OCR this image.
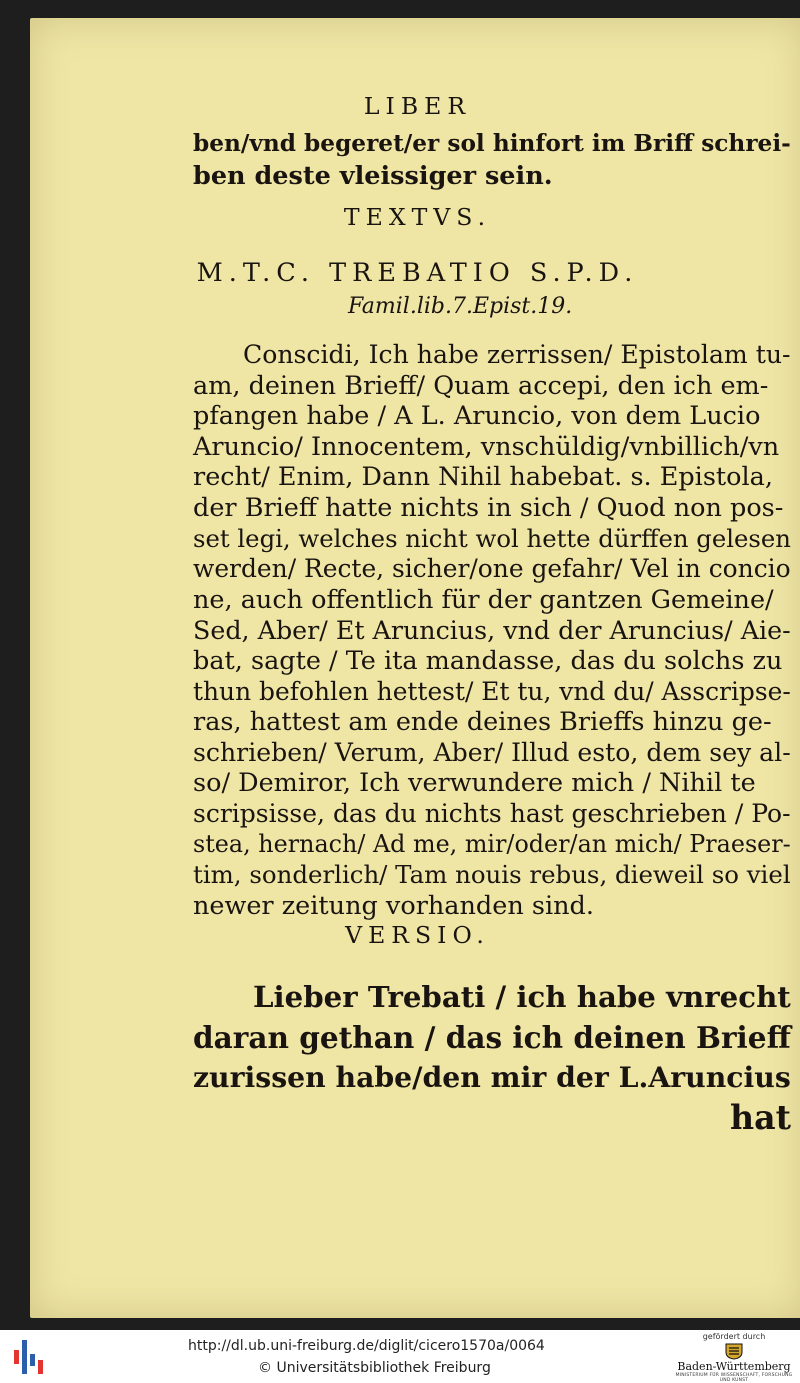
LIBER
ben/vnd begeret/er sol hinfort im Briff schrei-
ben deste vleissiger sein.
TEXTVS.
M.T.C. TREBATIO S.P.D.
Famil.lib.7.Epist.19.
Conscidi, Ich habe zerrissen/ Epistolam tu-
am, deinen Brieff/ Quam accepi, den ich em-
pfangen habe / A L. Aruncio, von dem Lucio
Aruncio/ Innocentem, vnschüldig/vnbillich/vn
recht/ Enim, Dann Nihil habebat. s. Epistola,
der Brieff hatte nichts in sich / Quod non pos-
set legi, welches nicht wol hette dürffen gelesen
werden/ Recte, sicher/one gefahr/ Vel in concio
ne, auch offentlich für der gantzen Gemeine/
Sed, Aber/ Et Aruncius, vnd der Aruncius/ Aie-
bat, sagte / Te ita mandasse, das du solchs zu
thun befohlen hettest/ Et tu, vnd du/ Asscripse-
ras, hattest am ende deines Brieffs hinzu ge-
schrieben/ Verum, Aber/ Illud esto, dem sey al-
so/ Demiror, Ich verwundere mich / Nihil te
scripsisse, das du nichts hast geschrieben / Po-
stea, hernach/ Ad me, mir/oder/an mich/ Praeser-
tim, sonderlich/ Tam nouis rebus, dieweil so viel
newer zeitung vorhanden sind.
VERSIO.
Lieber Trebati / ich habe vnrecht
daran gethan / das ich deinen Brieff
zurissen habe/den mir der L.Aruncius
hat
http://dl.ub.uni-freiburg.de/diglit/cicero1570a/0064
© Universitätsbibliothek Freiburg
gefördert durch
Baden-Württemberg
MINISTERIUM FÜR WISSENSCHAFT, FORSCHUNG UND KUNST
